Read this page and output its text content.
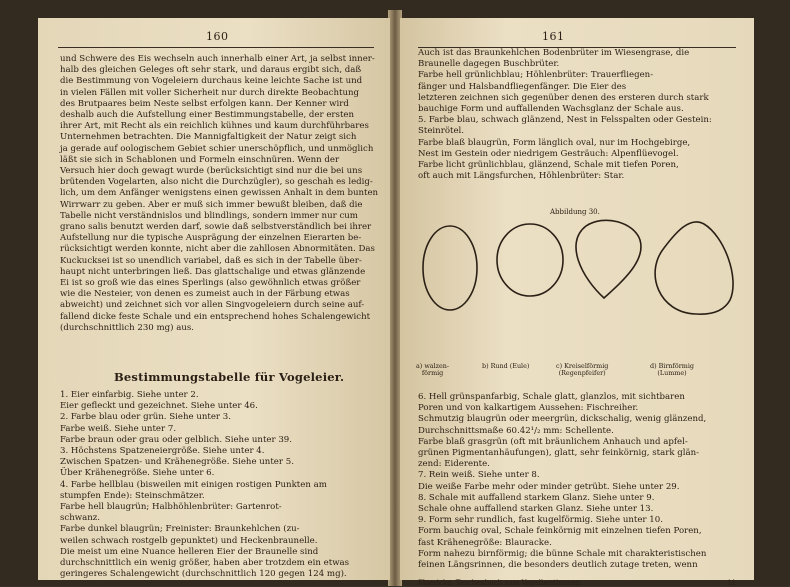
160
und Schwere des Eis wechseln auch innerhalb einer Art, ja selbst inner-
halb des gleichen Geleges oft sehr stark, und daraus ergibt sich, daß
die Bestimmung von Vogeleiern durchaus keine leichte Sache ist und
in vielen Fällen mit voller Sicherheit nur durch direkte Beobachtung
des Brutpaares beim Neste selbst erfolgen kann. Der Kenner wird
deshalb auch die Aufstellung einer Bestimmungstabelle, der ersten
ihrer Art, mit Recht als ein reichlich kühnes und kaum durchführbares
Unternehmen betrachten. Die Mannigfaltigkeit der Natur zeigt sich
ja gerade auf oologischem Gebiet schier unerschöpflich, und unmöglich
läßt sie sich in Schablonen und Formeln einschnüren. Wenn der
Versuch hier doch gewagt wurde (berücksichtigt sind nur die bei uns
brütenden Vogelarten, also nicht die Durchzügler), so geschah es ledig-
lich, um dem Anfänger wenigstens einen gewissen Anhalt in dem bunten
Wirrwarr zu geben. Aber er muß sich immer bewußt bleiben, daß die
Tabelle nicht verständnislos und blindlings, sondern immer nur cum
grano salis benutzt werden darf, sowie daß selbstverständlich bei ihrer
Aufstellung nur die typische Ausprägung der einzelnen Eierarten be-
rücksichtigt werden konnte, nicht aber die zahllosen Abnormitäten. Das
Kuckucksei ist so unendlich variabel, daß es sich in der Tabelle über-
haupt nicht unterbringen ließ. Das glattschalige und etwas glänzende
Ei ist so groß wie das eines Sperlings (also gewöhnlich etwas größer
wie die Nesteier, von denen es zumeist auch in der Färbung etwas
abweicht) und zeichnet sich vor allen Singvogeleiern durch seine auf-
fallend dicke feste Schale und ein entsprechend hohes Schalengewicht
(durchschnittlich 230 mg) aus.
Bestimmungstabelle für Vogeleier.
1. Eier einfarbig. Siehe unter 2.
Eier gefleckt und gezeichnet. Siehe unter 46.
2. Farbe blau oder grün. Siehe unter 3.
Farbe weiß. Siehe unter 7.
Farbe braun oder grau oder gelblich. Siehe unter 39.
3. Höchstens Spatzeneiergröße. Siehe unter 4.
Zwischen Spatzen- und Krähenegröße. Siehe unter 5.
Über Krähenegröße. Siehe unter 6.
4. Farbe hellblau (bisweilen mit einigen rostigen Punkten am
stumpfen Ende): Steinschmätzer.
Farbe hell blaugrün; Halbhöhlenbrüter: Gartenrot-
schwanz.
Farbe dunkel blaugrün; Freinister: Braunkehlchen (zu-
weilen schwach rostgelb gepunktet) und Heckenbraunelle.
Die meist um eine Nuance helleren Eier der Braunelle sind
durchschnittlich ein wenig größer, haben aber trotzdem ein etwas
geringeres Schalengewicht (durchschnittlich 120 gegen 124 mg).
161
Auch ist das Braunkehlchen Bodenbrüter im Wiesengrase, die
Braunelle dagegen Buschbrüter.
Farbe hell grünlichblau; Höhlenbrüter: Trauerfliegen-
fänger und Halsbandfliegenfänger. Die Eier des
letzteren zeichnen sich gegenüber denen des ersteren durch stark
bauchige Form und auffallenden Wachsglanz der Schale aus.
5. Farbe blau, schwach glänzend, Nest in Felsspalten oder Gestein:
Steinrötel.
Farbe blaß blaugrün, Form länglich oval, nur im Hochgebirge,
Nest im Gestein oder niedrigem Gesträuch: Alpenflüevogel.
Farbe licht grünlichblau, glänzend, Schale mit tiefen Poren,
oft auch mit Längsfurchen, Höhlenbrüter: Star.
Abbildung 30.
a) walzen-
förmig
b) Rund (Eule)	c) Kreiselförmig
(Regenpfeifer)
d) Birnförmig
(Lumme)
6. Hell grünspanfarbig, Schale glatt, glanzlos, mit sichtbaren
Poren und von kalkartigem Aussehen: Fischreiher.
Schmutzig blaugrün oder meergrün, dickschalig, wenig glänzend,
Durchschnittsmaße 60.42¹/₂ mm: Schellente.
Farbe blaß grasgrün (oft mit bräunlichem Anhauch und apfel-
grünen Pigmentanhäufungen), glatt, sehr feinkörnig, stark glän-
zend: Eiderente.
7. Rein weiß. Siehe unter 8.
Die weiße Farbe mehr oder minder getrübt. Siehe unter 29.
8. Schale mit auffallend starkem Glanz. Siehe unter 9.
Schale ohne auffallend starken Glanz. Siehe unter 13.
9. Form sehr rundlich, fast kugelförmig. Siehe unter 10.
Form bauchig oval, Schale feinkörnig mit einzelnen tiefen Poren,
fast Krähenegröße: Blauracke.
Form nahezu birnförmig; die bünne Schale mit charakteristischen
feinen Längsrinnen, die besonders deutlich zutage treten, wenn
Floericke, Taschenbuch zum Vogelbestimmen.	11
